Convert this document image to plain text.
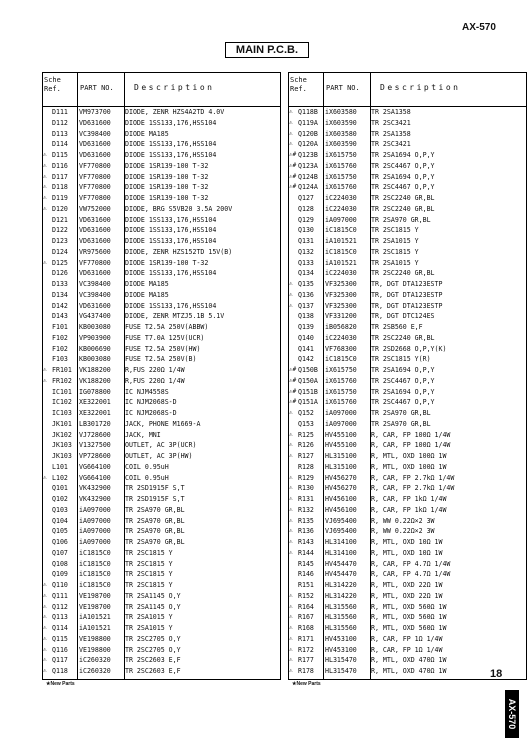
MAIN P.C.B.
AX-570
Sche
Ref.	PART NO.	Description
D111 VM973700 DIODE, ZENR HZS4A2TD 4.0V
D112 VD631600 DIODE 1SS133,176,HSS104
D113 VC398400 DIODE MA185
D114 VD631600 DIODE 1SS133,176,HSS104
⚠ D115 VD631600 DIODE 1SS133,176,HSS104
⚠ D116 VF770800 DIODE 1SR139-100 T-32
⚠ D117 VF770800 DIODE 1SR139-100 T-32
⚠ D118 VF770800 DIODE 1SR139-100 T-32
⚠ D119 VF770800 DIODE 1SR139-100 T-32
⚠ D120 VW752000 DIODE, BRG S5VB20 3.5A 200V
D121 VD631600 DIODE 1SS133,176,HSS104
D122 VD631600 DIODE 1SS133,176,HSS104
D123 VD631600 DIODE 1SS133,176,HSS104
D124 VR975600 DIODE, ZENR HZS152TD 15V(B)
⚠ D125 VF770800 DIODE 1SR139-100 T-32
D126 VD631600 DIODE 1SS133,176,HSS104
D133 VC398400 DIODE MA185
D134 VC398400 DIODE MA185
D142 VD631600 DIODE 1SS133,176,HSS104
D143 VG437400 DIODE, ZENR MTZJ5.1B 5.1V
F101 KB003080 FUSE T2.5A 250V(ABBW)
F102 VP903900 FUSE T7.0A 125V(UCR)
F102 KB006690 FUSE T2.5A 250V(HW)
F103 KB003080 FUSE T2.5A 250V(B)
⚠ FR101 VK188200 R,FUS 220Ω 1/4W
⚠ FR102 VK188200 R,FUS 220Ω 1/4W
IC101 IG078800 IC NJM4558S
IC102 XE322001 IC NJM2068S-D
IC103 XE322001 IC NJM2068S-D
JK101 LB301720 JACK, PHONE M1669-A
JK102 VJ728600 JACK, MNI
JK103 V1327500 OUTLET, AC 3P(UCR)
JK103 VP728600 OUTLET, AC 3P(HW)
L101 VG664100 COIL 0.95uH
⚠ L102 VG664100 COIL 0.95uH
Q101 VK432900 TR 2SD1915F S,T
Q102 VK432900 TR 2SD1915F S,T
Q103 iA097000 TR 2SA970 GR,BL
Q104 iA097000 TR 2SA970 GR,BL
Q105 iA097000 TR 2SA970 GR,BL
Q106 iA097000 TR 2SA970 GR,BL
Q107 iC1815C0 TR 2SC1815 Y
Q108 iC1815C0 TR 2SC1815 Y
Q109 iC1815C0 TR 2SC1815 Y
⚠ Q110 iC1815C0 TR 2SC1815 Y
⚠ Q111 VE198700 TR 2SA1145 O,Y
⚠ Q112 VE198700 TR 2SA1145 O,Y
⚠ Q113 iA101521 TR 2SA1015 Y
⚠ Q114 iA101521 TR 2SA1015 Y
⚠ Q115 VE198800 TR 2SC2705 O,Y
⚠ Q116 VE198800 TR 2SC2705 O,Y
⚠ Q117 iC260320 TR 2SC2603 E,F
⚠ Q118 iC260320 TR 2SC2603 E,F
Sche
Ref.	PART NO.	Description
⚠ Q118B iX603580 TR 2SA1358
⚠ Q119A iX603590 TR 2SC3421
⚠ Q120B iX603580 TR 2SA1358
⚠ Q120A iX603590 TR 2SC3421
⚠# Q123B iX615750 TR 2SA1694 O,P,Y
⚠# Q123A iX615760 TR 2SC4467 O,P,Y
⚠# Q124B iX615750 TR 2SA1694 O,P,Y
⚠# Q124A iX615760 TR 2SC4467 O,P,Y
Q127 iC224030 TR 2SC2240 GR,BL
Q128 iC224030 TR 2SC2240 GR,BL
Q129 iA097000 TR 2SA970 GR,BL
Q130 iC1815C0 TR 2SC1815 Y
Q131 iA101521 TR 2SA1015 Y
Q132 iC1815C0 TR 2SC1815 Y
Q133 iA101521 TR 2SA1015 Y
Q134 iC224030 TR 2SC2240 GR,BL
⚠ Q135 VF325300 TR, DGT DTA123ESTP
⚠ Q136 VF325300 TR, DGT DTA123ESTP
⚠ Q137 VF325300 TR, DGT DTA123ESTP
Q138 VF331200 TR, DGT DTC124ES
Q139 iB056820 TR 2SB560 E,F
Q140 iC224030 TR 2SC2240 GR,BL
Q141 VF768300 TR 2SD2668 O,P,Y(K)
Q142 iC1815C0 TR 2SC1815 Y(R)
⚠# Q150B iX615750 TR 2SA1694 O,P,Y
⚠# Q150A iX615760 TR 2SC4467 O,P,Y
⚠# Q151B iX615750 TR 2SA1694 O,P,Y
⚠# Q151A iX615760 TR 2SC4467 O,P,Y
⚠ Q152 iA097000 TR 2SA970 GR,BL
Q153 iA097000 TR 2SA970 GR,BL
⚠ R125 HV455100 R, CAR, FP 100Ω 1/4W
⚠ R126 HV455100 R, CAR, FP 100Ω 1/4W
⚠ R127 HL315100 R, MTL, OXD 100Ω 1W
R128 HL315100 R, MTL, OXD 100Ω 1W
⚠ R129 HV456270 R, CAR, FP 2.7kΩ 1/4W
⚠ R130 HV456270 R, CAR, FP 2.7kΩ 1/4W
⚠ R131 HV456100 R, CAR, FP 1kΩ 1/4W
⚠ R132 HV456100 R, CAR, FP 1kΩ 1/4W
⚠ R135 VJ695400 R, WW 0.22Ω×2 3W
⚠ R136 VJ695400 R, WW 0.22Ω×2 3W
⚠ R143 HL314100 R, MTL, OXD 10Ω 1W
⚠ R144 HL314100 R, MTL, OXD 10Ω 1W
R145 HV454470 R, CAR, FP 4.7Ω 1/4W
R146 HV454470 R, CAR, FP 4.7Ω 1/4W
R151 HL314220 R, MTL, OXD 22Ω 1W
⚠ R152 HL314220 R, MTL, OXD 22Ω 1W
⚠ R164 HL315560 R, MTL, OXD 560Ω 1W
⚠ R167 HL315560 R, MTL, OXD 560Ω 1W
⚠ R168 HL315560 R, MTL, OXD 560Ω 1W
⚠ R171 HV453100 R, CAR, FP 1Ω 1/4W
⚠ R172 HV453100 R, CAR, FP 1Ω 1/4W
⚠ R177 HL315470 R, MTL, OXD 470Ω 1W
⚠ R178 HL315470 R, MTL, OXD 470Ω 1W
★New Parts	★New Parts
18
AX-570
